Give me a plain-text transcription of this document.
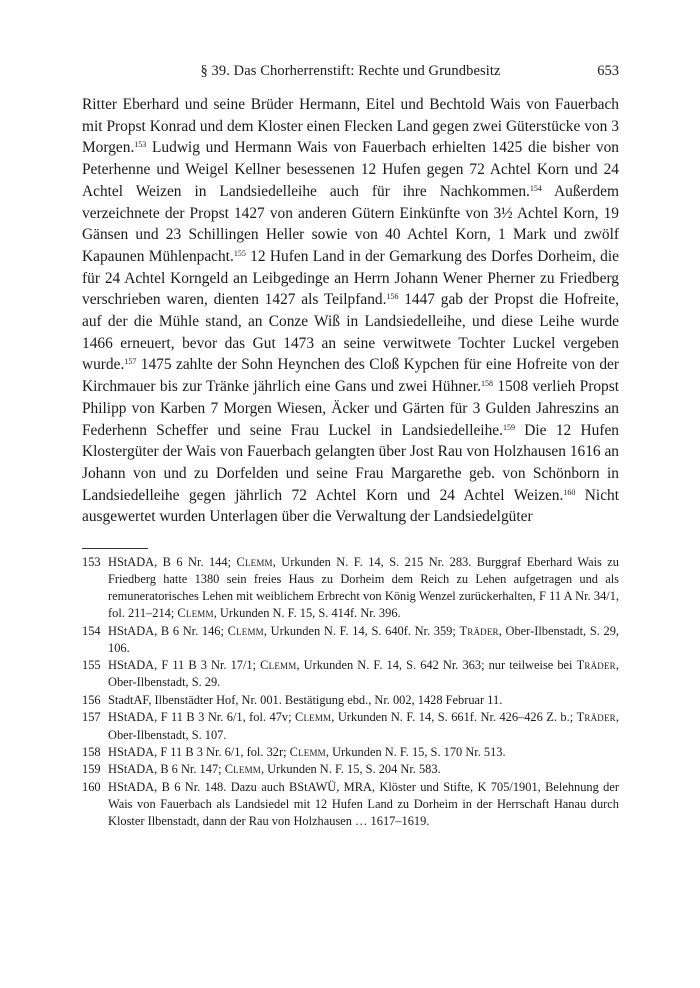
§ 39. Das Chorherrenstift: Rechte und Grundbesitz	653
Ritter Eberhard und seine Brüder Hermann, Eitel und Bechtold Wais von Fauerbach mit Propst Konrad und dem Kloster einen Flecken Land gegen zwei Güterstücke von 3 Morgen.$^{153}$ Ludwig und Hermann Wais von Fauerbach erhielten 1425 die bisher von Peterhenne und Weigel Kellner besessenen 12 Hufen gegen 72 Achtel Korn und 24 Achtel Weizen in Landsiedelleihe auch für ihre Nachkommen.$^{154}$ Außerdem verzeichnete der Propst 1427 von anderen Gütern Einkünfte von 3½ Achtel Korn, 19 Gänsen und 23 Schillingen Heller sowie von 40 Achtel Korn, 1 Mark und zwölf Kapaunen Mühlenpacht.$^{155}$ 12 Hufen Land in der Gemarkung des Dorfes Dorheim, die für 24 Achtel Korngeld an Leibgedinge an Herrn Johann Wener Pherner zu Friedberg verschrieben waren, dienten 1427 als Teilpfand.$^{156}$ 1447 gab der Propst die Hofreite, auf der die Mühle stand, an Conze Wiß in Landsiedelleihe, und diese Leihe wurde 1466 erneuert, bevor das Gut 1473 an seine verwitwete Tochter Luckel vergeben wurde.$^{157}$ 1475 zahlte der Sohn Heynchen des Cloß Kypchen für eine Hofreite von der Kirchmauer bis zur Tränke jährlich eine Gans und zwei Hühner.$^{158}$ 1508 verlieh Propst Philipp von Karben 7 Morgen Wiesen, Äcker und Gärten für 3 Gulden Jahreszins an Federhenn Scheffer und seine Frau Luckel in Landsiedelleihe.$^{159}$ Die 12 Hufen Klostergüter der Wais von Fauerbach gelangten über Jost Rau von Holzhausen 1616 an Johann von und zu Dorfelden und seine Frau Margarethe geb. von Schönborn in Landsiedelleihe gegen jährlich 72 Achtel Korn und 24 Achtel Weizen.$^{160}$ Nicht ausgewertet wurden Unterlagen über die Verwaltung der Landsiedelgüter
153 HStADA, B 6 Nr. 144; Clemm, Urkunden N. F. 14, S. 215 Nr. 283. Burggraf Eberhard Wais zu Friedberg hatte 1380 sein freies Haus zu Dorheim dem Reich zu Lehen aufgetragen und als remuneratorisches Lehen mit weiblichem Erbrecht von König Wenzel zurückerhalten, F 11 A Nr. 34/1, fol. 211–214; Clemm, Urkunden N. F. 15, S. 414f. Nr. 396.
154 HStADA, B 6 Nr. 146; Clemm, Urkunden N. F. 14, S. 640f. Nr. 359; Träder, Ober-Ilbenstadt, S. 29, 106.
155 HStADA, F 11 B 3 Nr. 17/1; Clemm, Urkunden N. F. 14, S. 642 Nr. 363; nur teilweise bei Träder, Ober-Ilbenstadt, S. 29.
156 StadtAF, Ilbenstädter Hof, Nr. 001. Bestätigung ebd., Nr. 002, 1428 Februar 11.
157 HStADA, F 11 B 3 Nr. 6/1, fol. 47v; Clemm, Urkunden N. F. 14, S. 661f. Nr. 426–426 Z. b.; Träder, Ober-Ilbenstadt, S. 107.
158 HStADA, F 11 B 3 Nr. 6/1, fol. 32r; Clemm, Urkunden N. F. 15, S. 170 Nr. 513.
159 HStADA, B 6 Nr. 147; Clemm, Urkunden N. F. 15, S. 204 Nr. 583.
160 HStADA, B 6 Nr. 148. Dazu auch BStAWÜ, MRA, Klöster und Stifte, K 705/1901, Belehnung der Wais von Fauerbach als Landsiedel mit 12 Hufen Land zu Dorheim in der Herrschaft Hanau durch Kloster Ilbenstadt, dann der Rau von Holzhausen … 1617–1619.
